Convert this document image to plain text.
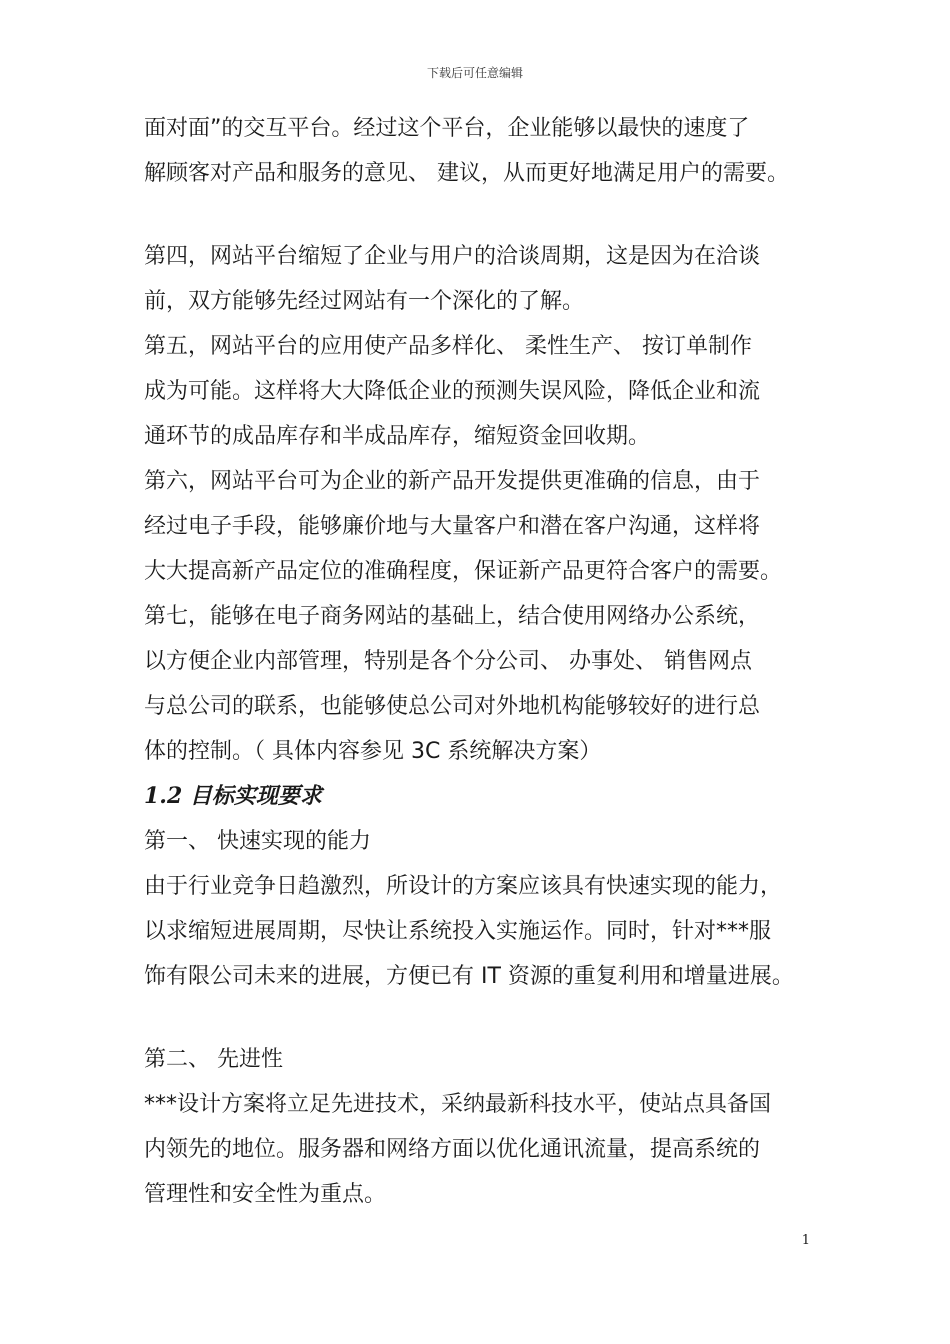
下载后可任意编辑

面对面”的交互平台。经过这个平台，企业能够以最快的速度了

解顾客对产品和服务的意见、 建议，从而更好地满足用户的需要。

第四，网站平台缩短了企业与用户的洽谈周期，这是因为在洽谈

前，双方能够先经过网站有一个深化的了解。

第五，网站平台的应用使产品多样化、 柔性生产、 按订单制作

成为可能。这样将大大降低企业的预测失误风险，降低企业和流

通环节的成品库存和半成品库存，缩短资金回收期。

第六，网站平台可为企业的新产品开发提供更准确的信息，由于

经过电子手段，能够廉价地与大量客户和潜在客户沟通，这样将

大大提高新产品定位的准确程度，保证新产品更符合客户的需要。

第七，能够在电子商务网站的基础上，结合使用网络办公系统，

以方便企业内部管理，特别是各个分公司、 办事处、 销售网点

与总公司的联系，也能够使总公司对外地机构能够较好的进行总

体的控制。（ 具体内容参见 3C 系统解决方案）

1.2 目标实现要求

第一、 快速实现的能力

由于行业竞争日趋激烈，所设计的方案应该具有快速实现的能力，

以求缩短进展周期，尽快让系统投入实施运作。同时，针对***服

饰有限公司未来的进展，方便已有 IT 资源的重复利用和增量进展。

第二、 先进性

***设计方案将立足先进技术，采纳最新科技水平，使站点具备国

内领先的地位。服务器和网络方面以优化通讯流量，提高系统的

管理性和安全性为重点。

1
